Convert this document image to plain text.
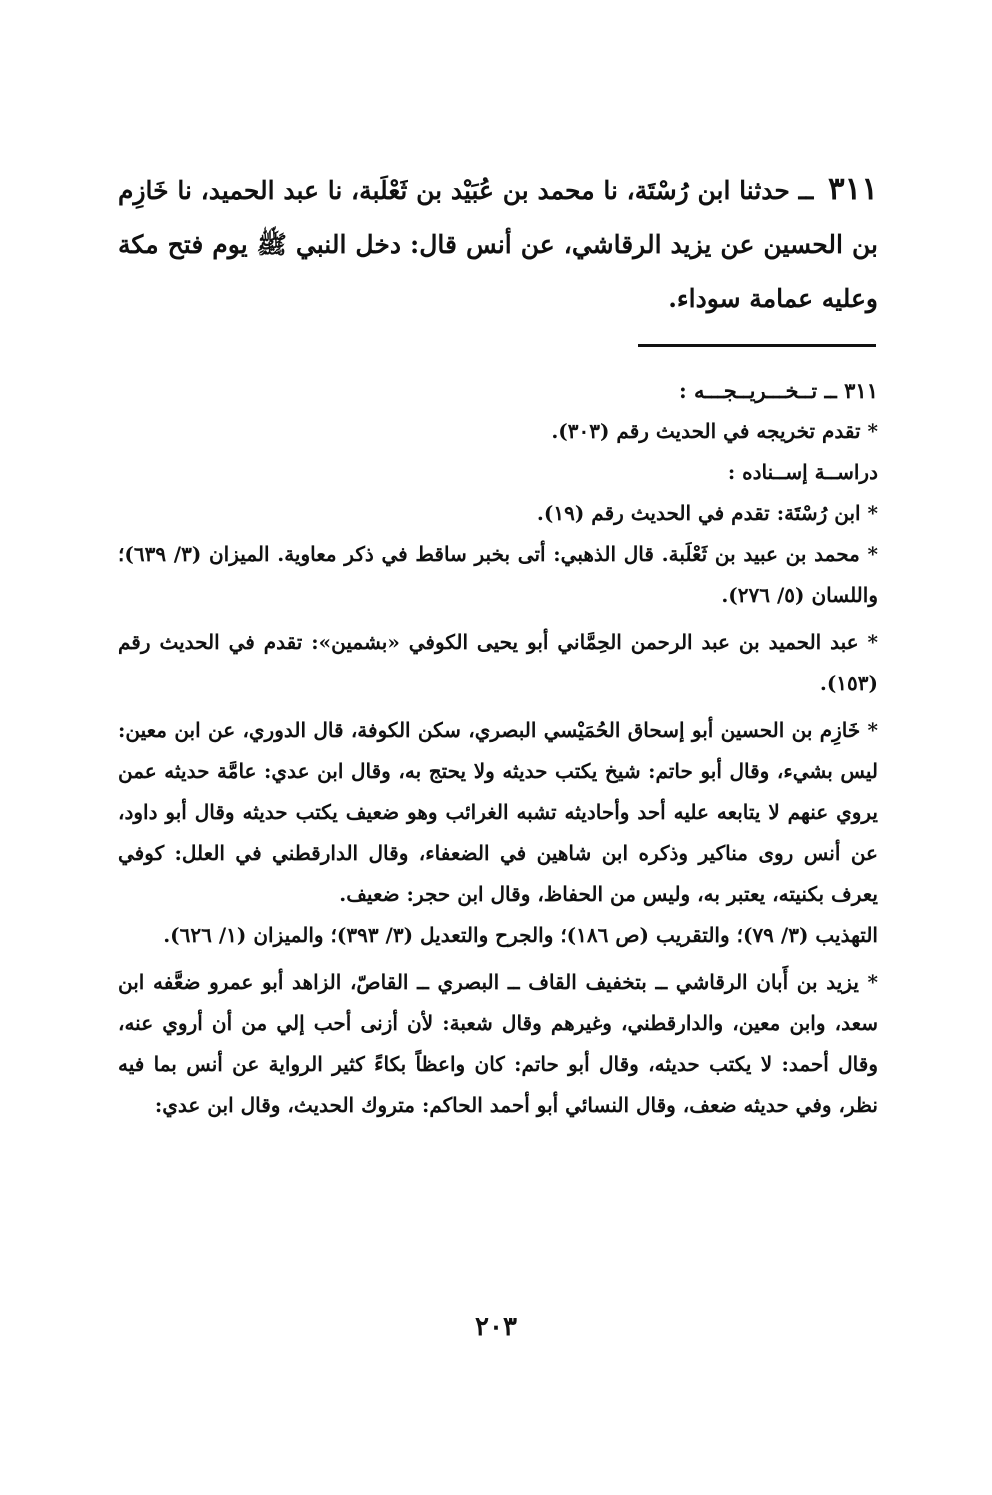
٣١١ ــ حدثنا ابن رُسْتَة، نا محمد بن عُبَيْد بن ثَعْلَبة، نا عبد الحميد، نا خَازِم بن الحسين عن يزيد الرقاشي، عن أنس قال: دخل النبي ﷺ يوم فتح مكة وعليه عمامة سوداء.

٣١١ ــ تــخـــريــجـــه :

* تقدم تخريجه في الحديث رقم (٣٠٣).

دراســة إســناده :

* ابن رُسْتَة: تقدم في الحديث رقم (١٩).

* محمد بن عبيد بن ثَعْلَبة. قال الذهبي: أتى بخبر ساقط في ذكر معاوية. الميزان (٣/ ٦٣٩)؛ واللسان (٥/ ٢٧٦).

* عبد الحميد بن عبد الرحمن الحِمَّاني أبو يحيى الكوفي «بشمين»: تقدم في الحديث رقم (١٥٣).

* خَازِم بن الحسين أبو إسحاق الحُمَيْسي البصري، سكن الكوفة، قال الدوري، عن ابن معين: ليس بشيء، وقال أبو حاتم: شيخ يكتب حديثه ولا يحتج به، وقال ابن عدي: عامَّة حديثه عمن يروي عنهم لا يتابعه عليه أحد وأحاديثه تشبه الغرائب وهو ضعيف يكتب حديثه وقال أبو داود، عن أنس روى مناكير وذكره ابن شاهين في الضعفاء، وقال الدارقطني في العلل: كوفي يعرف بكنيته، يعتبر به، وليس من الحفاظ، وقال ابن حجر: ضعيف.

التهذيب (٣/ ٧٩)؛ والتقريب (ص ١٨٦)؛ والجرح والتعديل (٣/ ٣٩٣)؛ والميزان (١/ ٦٢٦).

* يزيد بن أَبان الرقاشي ــ بتخفيف القاف ــ البصري ــ القاصّ، الزاهد أبو عمرو ضعَّفه ابن سعد، وابن معين، والدارقطني، وغيرهم وقال شعبة: لأن أزنى أحب إلي من أن أروي عنه، وقال أحمد: لا يكتب حديثه، وقال أبو حاتم: كان واعظاً بكاءً كثير الرواية عن أنس بما فيه نظر، وفي حديثه ضعف، وقال النسائي أبو أحمد الحاكم: متروك الحديث، وقال ابن عدي:

٢٠٣
